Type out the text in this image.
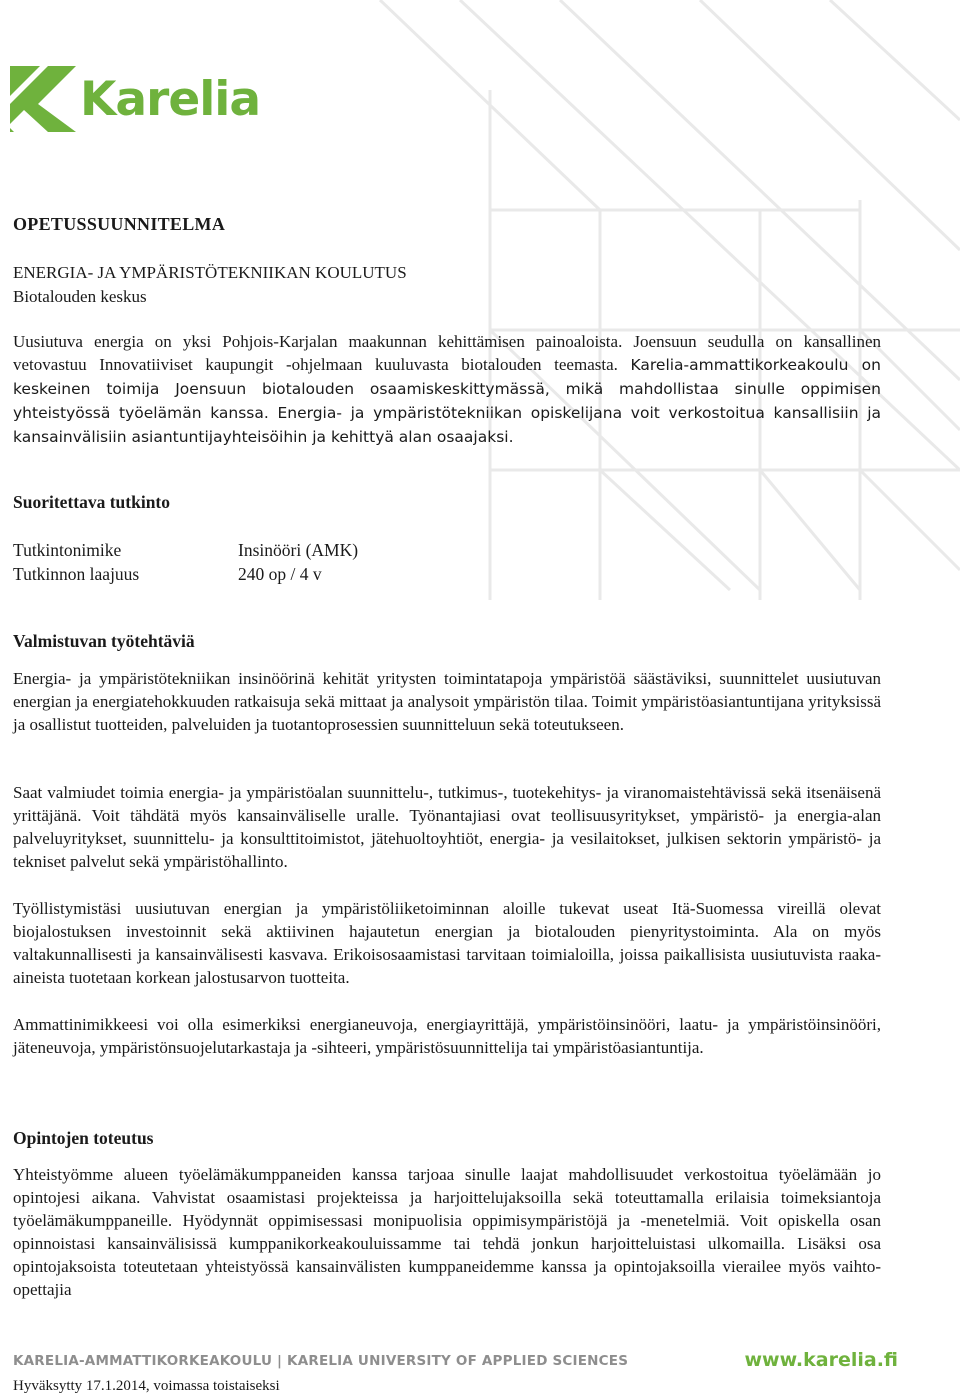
Karelia
OPETUSSUUNNITELMA
ENERGIA- JA YMPÄRISTÖTEKNIIKAN KOULUTUS
Biotalouden keskus

Uusiutuva energia on yksi Pohjois-Karjalan maakunnan kehittämisen painoaloista. Joensuun seudulla on kansallinen vetovastuu Innovatiiviset kaupungit -ohjelmaan kuuluvasta biotalouden teemasta. Karelia-ammattikorkeakoulu on keskeinen toimija Joensuun biotalouden osaamiskeskittymässä, mikä mahdollistaa sinulle oppimisen yhteistyössä työelämän kanssa. Energia- ja ympäristötekniikan opiskelijana voit verkostoitua kansallisiin ja kansainvälisiin asiantuntijayhteisöihin ja kehittyä alan osaajaksi.

Suoritettava tutkinto
Tutkintonimike	Insinööri (AMK)
Tutkinnon laajuus	240 op / 4 v
Valmistuvan työtehtäviä

Energia- ja ympäristötekniikan insinöörinä kehität yritysten toimintatapoja ympäristöä säästäviksi, suunnittelet uusiutuvan energian ja energiatehokkuuden ratkaisuja sekä mittaat ja analysoit ympäristön tilaa. Toimit ympäristöasiantuntijana yrityksissä ja osallistut tuotteiden, palveluiden ja tuotantoprosessien suunnitteluun sekä toteutukseen.

Saat valmiudet toimia energia- ja ympäristöalan suunnittelu-, tutkimus-, tuotekehitys- ja viranomaistehtävissä sekä itsenäisenä yrittäjänä. Voit tähdätä myös kansainväliselle uralle. Työnantajiasi ovat teollisuusyritykset, ympäristö- ja energia-alan palveluyritykset, suunnittelu- ja konsulttitoimistot, jätehuoltoyhtiöt, energia- ja vesilaitokset, julkisen sektorin ympäristö- ja tekniset palvelut sekä ympäristöhallinto.

Työllistymistäsi uusiutuvan energian ja ympäristöliiketoiminnan aloille tukevat useat Itä-Suomessa vireillä olevat biojalostuksen investoinnit sekä aktiivinen hajautetun energian ja biotalouden pienyritystoiminta. Ala on myös valtakunnallisesti ja kansainvälisesti kasvava. Erikoisosaamistasi tarvitaan toimialoilla, joissa paikallisista uusiutuvista raaka-aineista tuotetaan korkean jalostusarvon tuotteita.

Ammattinimikkeesi voi olla esimerkiksi energianeuvoja, energiayrittäjä, ympäristöinsinööri, laatu- ja ympäristöinsinööri, jäteneuvoja, ympäristönsuojelutarkastaja ja -sihteeri, ympäristösuunnittelija tai ympäristöasiantuntija.

Opintojen toteutus

Yhteistyömme alueen työelämäkumppaneiden kanssa tarjoaa sinulle laajat mahdollisuudet verkostoitua työelämään jo opintojesi aikana. Vahvistat osaamistasi projekteissa ja harjoittelujaksoilla sekä toteuttamalla erilaisia toimeksiantoja työelämäkumppaneille. Hyödynnät oppimisessasi monipuolisia oppimisympäristöjä ja -menetelmiä. Voit opiskella osan opinnoistasi kansainvälisissä kumppanikorkeakouluissamme tai tehdä jonkun harjoitteluistasi ulkomailla. Lisäksi osa opintojaksoista toteutetaan yhteistyössä kansainvälisten kumppaneidemme kanssa ja opintojaksoilla vierailee myös vaihto-opettajia

KARELIA-AMMATTIKORKEAKOULU | KARELIA UNIVERSITY OF APPLIED SCIENCES	www.karelia.fi
Hyväksytty 17.1.2014, voimassa toistaiseksi
